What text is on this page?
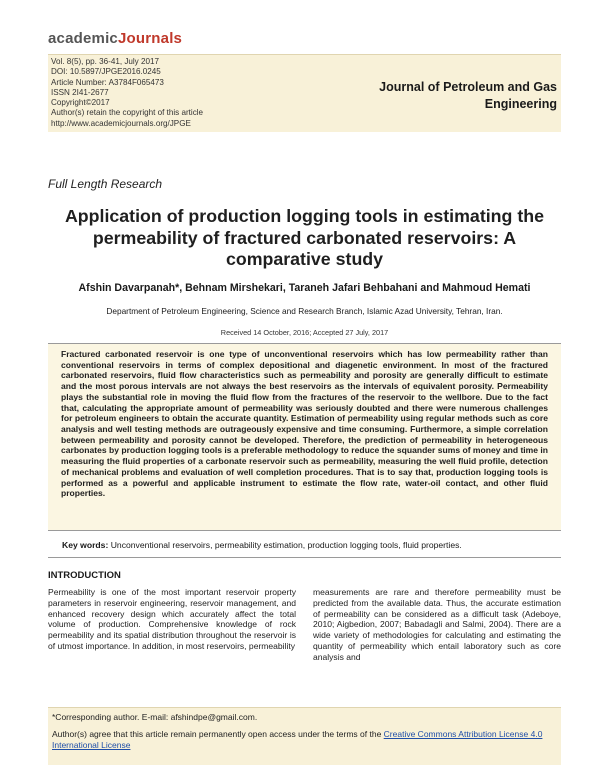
academicJournals
Vol. 8(5), pp. 36-41, July 2017
DOI: 10.5897/JPGE2016.0245
Article Number: A3784F065473
ISSN 2I41-2677
Copyright©2017
Author(s) retain the copyright of this article
http://www.academicjournals.org/JPGE
Journal of Petroleum and Gas
Engineering
Full Length Research
Application of production logging tools in estimating the permeability of fractured carbonated reservoirs: A comparative study
Afshin Davarpanah*, Behnam Mirshekari, Taraneh Jafari Behbahani and Mahmoud Hemati
Department of Petroleum Engineering, Science and Research Branch, Islamic Azad University, Tehran, Iran.
Received 14 October, 2016; Accepted 27 July, 2017
Fractured carbonated reservoir is one type of unconventional reservoirs which has low permeability rather than conventional reservoirs in terms of complex depositional and diagenetic environment. In most of the fractured carbonated reservoirs, fluid flow characteristics such as permeability and porosity are generally difficult to estimate and the most porous intervals are not always the best reservoirs as the intervals of equivalent porosity. Permeability plays the substantial role in moving the fluid flow from the fractures of the reservoir to the wellbore. Due to the fact that, calculating the appropriate amount of permeability was seriously doubted and there were numerous challenges for petroleum engineers to obtain the accurate quantity. Estimation of permeability using regular methods such as core analysis and well testing methods are outrageously expensive and time consuming. Furthermore, a simple correlation between permeability and porosity cannot be developed. Therefore, the prediction of permeability in heterogeneous carbonates by production logging tools is a preferable methodology to reduce the squander sums of money and time in measuring the fluid properties of a carbonate reservoir such as permeability, measuring the well fluid profile, detection of mechanical problems and evaluation of well completion procedures. That is to say that, production logging tools is performed as a powerful and applicable instrument to estimate the flow rate, water-oil contact, and other fluid properties.
Key words: Unconventional reservoirs, permeability estimation, production logging tools, fluid properties.
INTRODUCTION
Permeability is one of the most important reservoir property parameters in reservoir engineering, reservoir management, and enhanced recovery design which accurately affect the total volume of production. Comprehensive knowledge of rock permeability and its spatial distribution throughout the reservoir is of utmost importance. In addition, in most reservoirs, permeability
measurements are rare and therefore permeability must be predicted from the available data. Thus, the accurate estimation of permeability can be considered as a difficult task (Adeboye, 2010; Aigbedion, 2007; Babadagli and Salmi, 2004). There are a wide variety of methodologies for calculating and estimating the quantity of permeability which entail laboratory such as core analysis and
*Corresponding author. E-mail: afshindpe@gmail.com.
Author(s) agree that this article remain permanently open access under the terms of the Creative Commons Attribution License 4.0 International License
